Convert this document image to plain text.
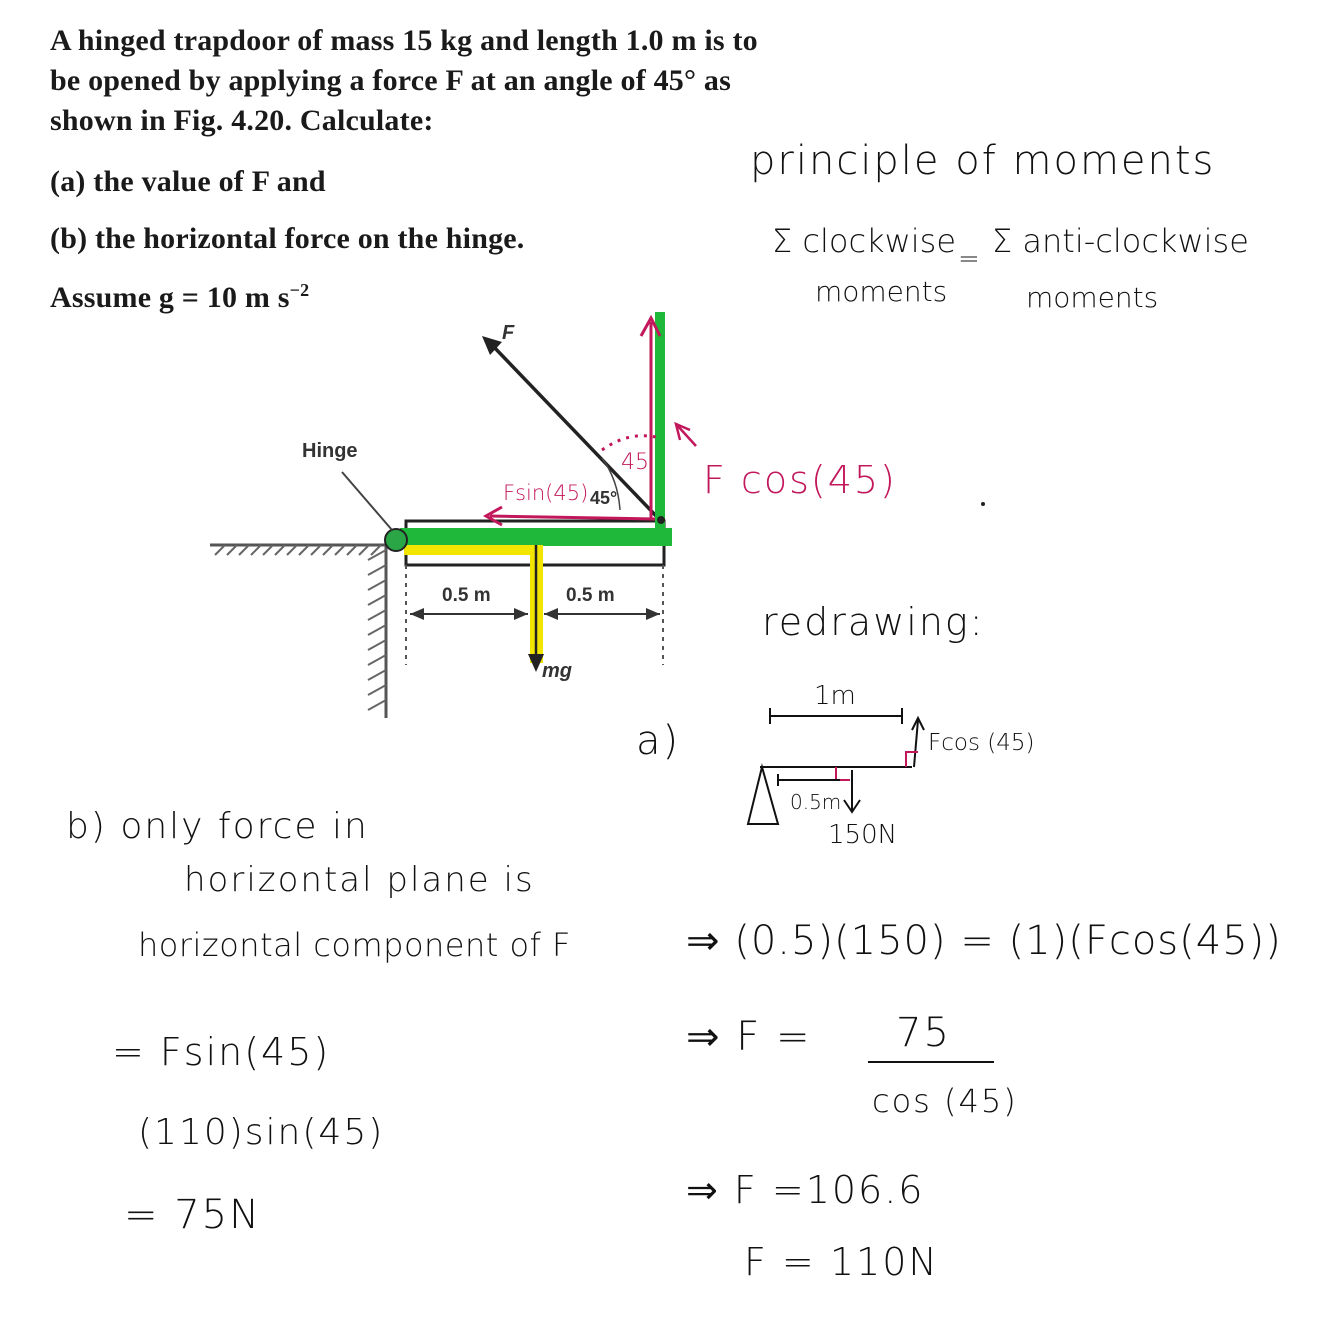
A hinged trapdoor of mass 15 kg and length 1.0 m is to
be opened by applying a force F at an angle of 45° as
shown in Fig. 4.20. Calculate:
(a) the value of F and
(b) the horizontal force on the hinge.
Assume g = 10 m $s^{-2}$
F
Hinge
45°
0.5 m	0.5 m
mg
45
Fsin(45)	F cos(45)
principle of moments
Σ clockwise
moments
= Σ anti-clockwise
moments
redrawing:
a)
1m
Fcos (45)
0.5m
150N
⇒ (0.5)(150) = (1)(Fcos(45))
⇒ F = 75
cos (45)
⇒ F =106.6
F = 110N
b) only force in
horizontal plane is
horizontal component of F
= Fsin(45)
(110)sin(45)
= 75N
